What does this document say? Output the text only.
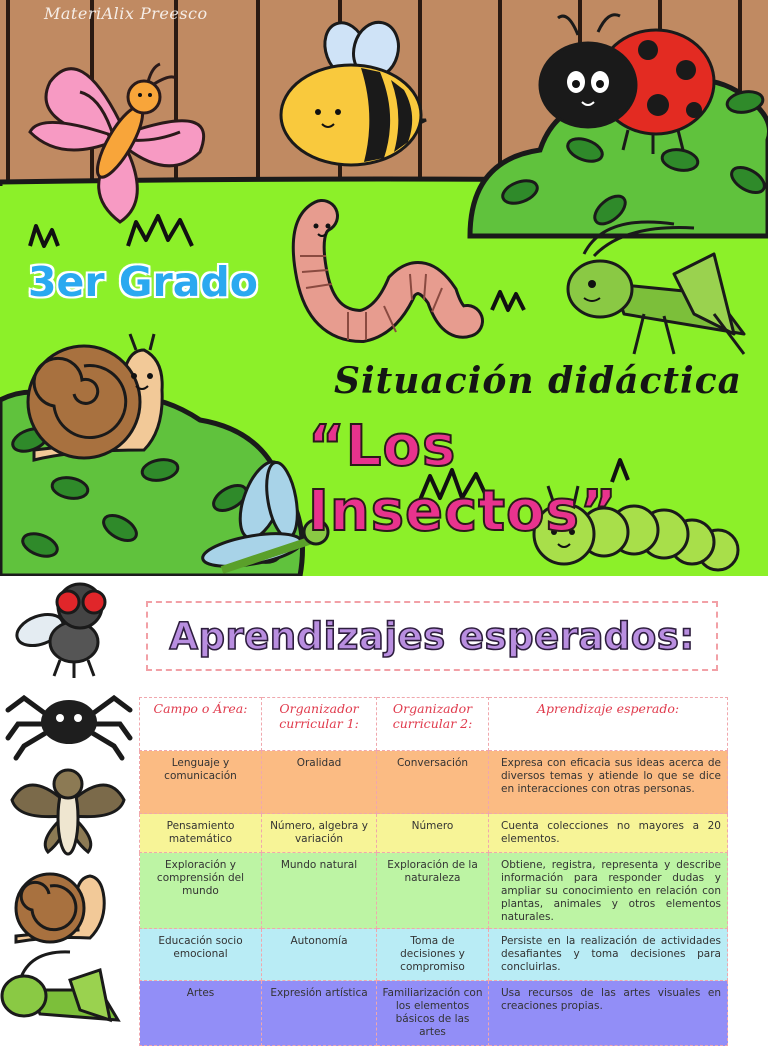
MateriAlix Preesco
3er Grado
Situación didáctica
“Los Insectos”
Aprendizajes esperados:
Campo o Área:	Organizador curricular 1:	Organizador curricular 2:	Aprendizaje esperado:
Lenguaje y comunicación	Oralidad	Conversación	Expresa con eficacia sus ideas acerca de diversos temas y atiende lo que se dice en interacciones con otras personas.
Pensamiento matemático	Número, algebra y variación	Número	Cuenta colecciones no mayores a 20 elementos.
Exploración y comprensión del mundo	Mundo natural	Exploración de la naturaleza	Obtiene, registra, representa y describe información para responder dudas y ampliar su conocimiento en relación con plantas, animales y otros elementos naturales.
Educación socio emocional	Autonomía	Toma de decisiones y compromiso	Persiste en la realización de actividades desafiantes y toma decisiones para concluirlas.
Artes	Expresión artística	Familiarización con los elementos básicos de las artes	Usa recursos de las artes visuales en creaciones propias.
